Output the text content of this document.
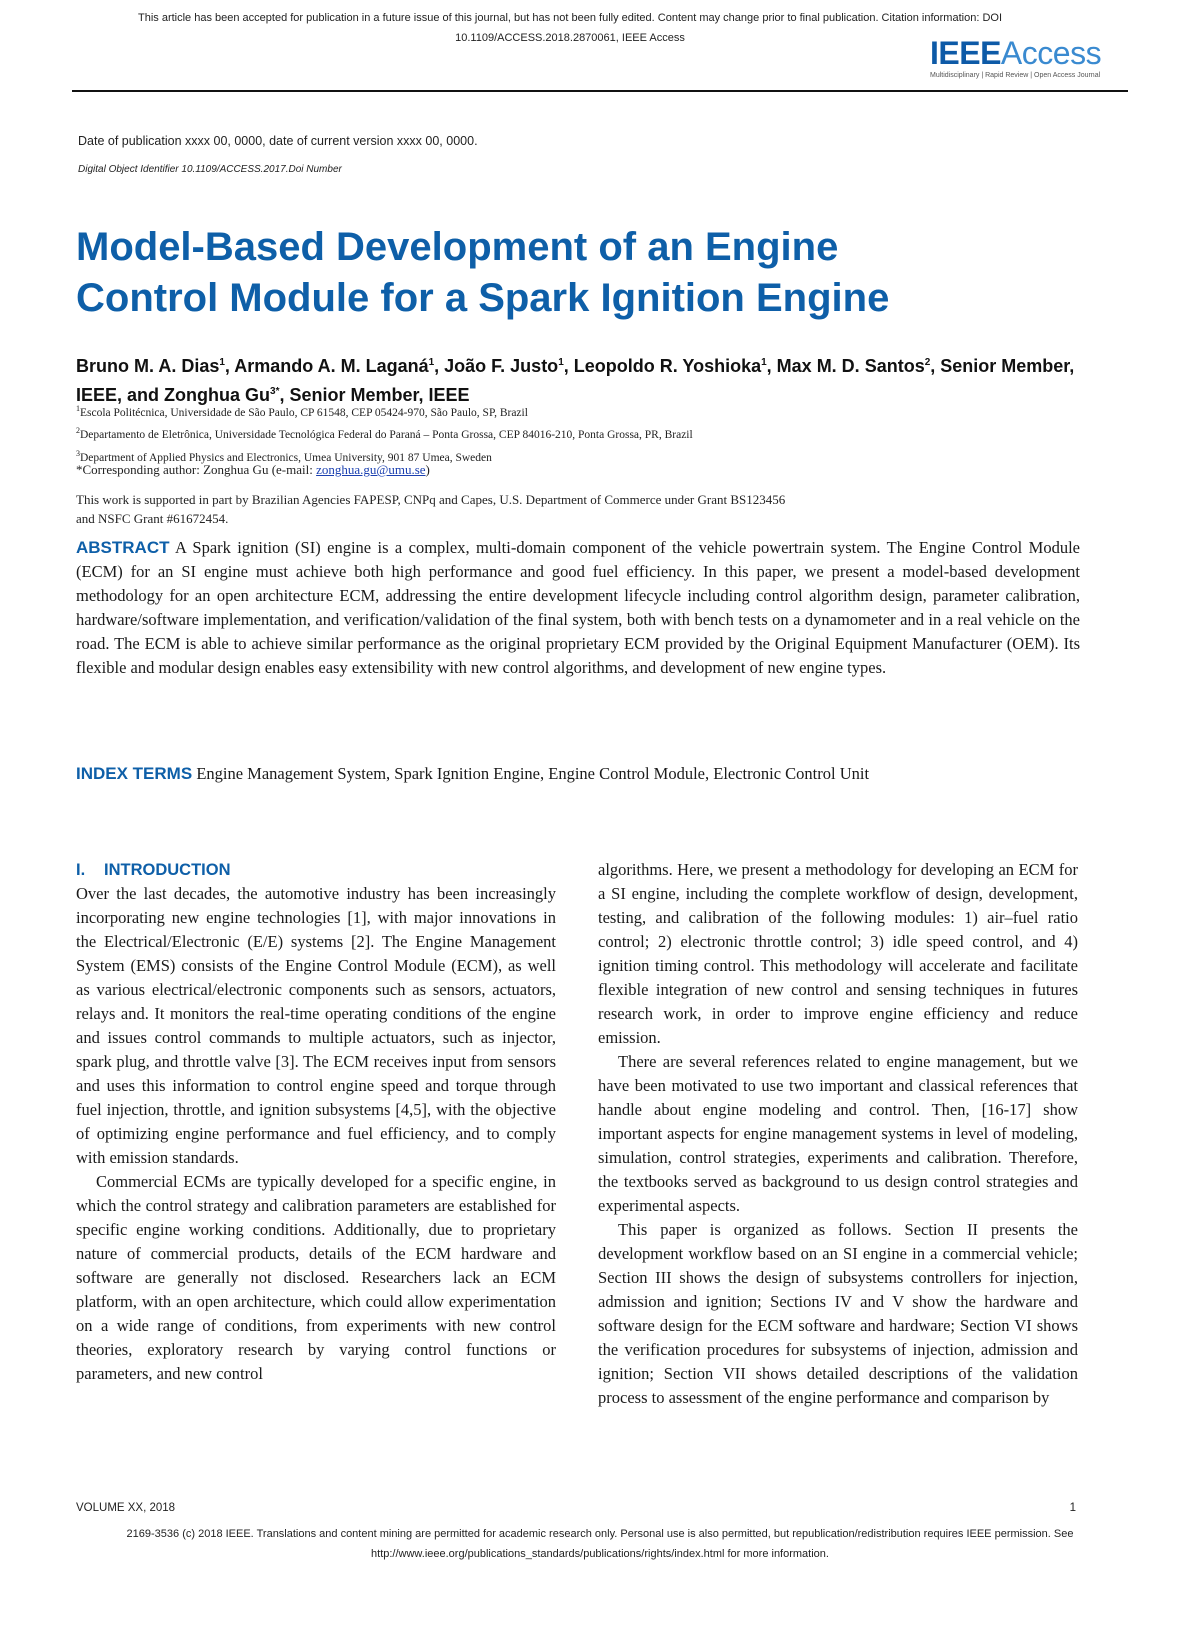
This article has been accepted for publication in a future issue of this journal, but has not been fully edited. Content may change prior to final publication. Citation information: DOI
10.1109/ACCESS.2018.2870061, IEEE Access	IEEEAccess
Multidisciplinary | Rapid Review | Open Access Journal
Date of publication xxxx 00, 0000, date of current version xxxx 00, 0000.
Digital Object Identifier 10.1109/ACCESS.2017.Doi Number
Model-Based Development of an Engine
Control Module for a Spark Ignition Engine
Bruno M. A. Dias$^1$, Armando A. M. Laganá$^1$, João F. Justo$^1$, Leopoldo R. Yoshioka$^1$, Max M. D. Santos$^2$, Senior Member, IEEE, and Zonghua $Gu^{3*}$, Senior Member, IEEE
$^1$Escola Politécnica, Universidade de São Paulo, CP 61548, CEP 05424-970, São Paulo, SP, Brazil
$^2$Departamento de Eletrônica, Universidade Tecnológica Federal do Paraná – Ponta Grossa, CEP 84016-210, Ponta Grossa, PR, Brazil
$^3$Department of Applied Physics and Electronics, Umea University, 901 87 Umea, Sweden
*Corresponding author: Zonghua Gu (e-mail: zonghua.gu@umu.se)
This work is supported in part by Brazilian Agencies FAPESP, CNPq and Capes, U.S. Department of Commerce under Grant BS123456
and NSFC Grant #61672454.

ABSTRACT A Spark ignition (SI) engine is a complex, multi-domain component of the vehicle powertrain system. The Engine Control Module (ECM) for an SI engine must achieve both high performance and good fuel efficiency. In this paper, we present a model-based development methodology for an open architecture ECM, addressing the entire development lifecycle including control algorithm design, parameter calibration, hardware/software implementation, and verification/validation of the final system, both with bench tests on a dynamometer and in a real vehicle on the road. The ECM is able to achieve similar performance as the original proprietary ECM provided by the Original Equipment Manufacturer (OEM). Its flexible and modular design enables easy extensibility with new control algorithms, and development of new engine types.

INDEX TERMS Engine Management System, Spark Ignition Engine, Engine Control Module, Electronic Control Unit

I. INTRODUCTION

Over the last decades, the automotive industry has been increasingly incorporating new engine technologies [1], with major innovations in the Electrical/Electronic (E/E) systems [2]. The Engine Management System (EMS) consists of the Engine Control Module (ECM), as well as various electrical/electronic components such as sensors, actuators, relays and. It monitors the real-time operating conditions of the engine and issues control commands to multiple actuators, such as injector, spark plug, and throttle valve [3]. The ECM receives input from sensors and uses this information to control engine speed and torque through fuel injection, throttle, and ignition subsystems [4,5], with the objective of optimizing engine performance and fuel efficiency, and to comply with emission standards.

Commercial ECMs are typically developed for a specific engine, in which the control strategy and calibration parameters are established for specific engine working conditions. Additionally, due to proprietary nature of commercial products, details of the ECM hardware and software are generally not disclosed. Researchers lack an ECM platform, with an open architecture, which could allow experimentation on a wide range of conditions, from experiments with new control theories, exploratory research by varying control functions or parameters, and new control

algorithms. Here, we present a methodology for developing an ECM for a SI engine, including the complete workflow of design, development, testing, and calibration of the following modules: 1) air–fuel ratio control; 2) electronic throttle control; 3) idle speed control, and 4) ignition timing control. This methodology will accelerate and facilitate flexible integration of new control and sensing techniques in futures research work, in order to improve engine efficiency and reduce emission.

There are several references related to engine management, but we have been motivated to use two important and classical references that handle about engine modeling and control. Then, [16-17] show important aspects for engine management systems in level of modeling, simulation, control strategies, experiments and calibration. Therefore, the textbooks served as background to us design control strategies and experimental aspects.

This paper is organized as follows. Section II presents the development workflow based on an SI engine in a commercial vehicle; Section III shows the design of subsystems controllers for injection, admission and ignition; Sections IV and V show the hardware and software design for the ECM software and hardware; Section VI shows the verification procedures for subsystems of injection, admission and ignition; Section VII shows detailed descriptions of the validation process to assessment of the engine performance and comparison by

VOLUME XX, 2018	1
2169-3536 (c) 2018 IEEE. Translations and content mining are permitted for academic research only. Personal use is also permitted, but republication/redistribution requires IEEE permission. See
http://www.ieee.org/publications_standards/publications/rights/index.html for more information.
